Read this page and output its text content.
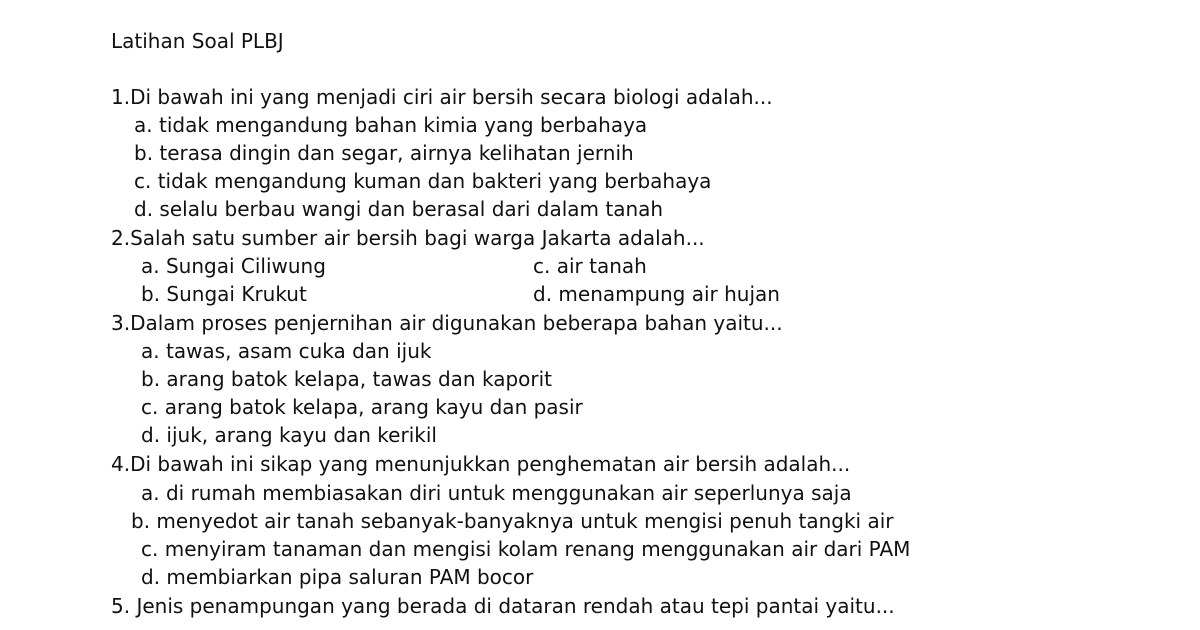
Latihan Soal PLBJ
1.Di bawah ini yang menjadi ciri air bersih secara biologi adalah...
a. tidak mengandung bahan kimia yang berbahaya
b. terasa dingin dan segar, airnya kelihatan jernih
c. tidak mengandung kuman dan bakteri yang berbahaya
d. selalu berbau wangi dan berasal dari dalam tanah
2.Salah satu sumber air bersih bagi warga Jakarta adalah...
a. Sungai Ciliwung	c. air tanah
b. Sungai Krukut	d. menampung air hujan
3.Dalam proses penjernihan air digunakan beberapa bahan yaitu...
a. tawas, asam cuka dan ijuk
b. arang batok kelapa, tawas dan kaporit
c. arang batok kelapa, arang kayu dan pasir
d. ijuk, arang kayu dan kerikil
4.Di bawah ini sikap yang menunjukkan penghematan air bersih adalah...
a. di rumah membiasakan diri untuk menggunakan air seperlunya saja
b. menyedot air tanah sebanyak-banyaknya untuk mengisi penuh tangki air
c. menyiram tanaman dan mengisi kolam renang menggunakan air dari PAM
d. membiarkan pipa saluran PAM bocor
5. Jenis penampungan yang berada di dataran rendah atau tepi pantai yaitu...
